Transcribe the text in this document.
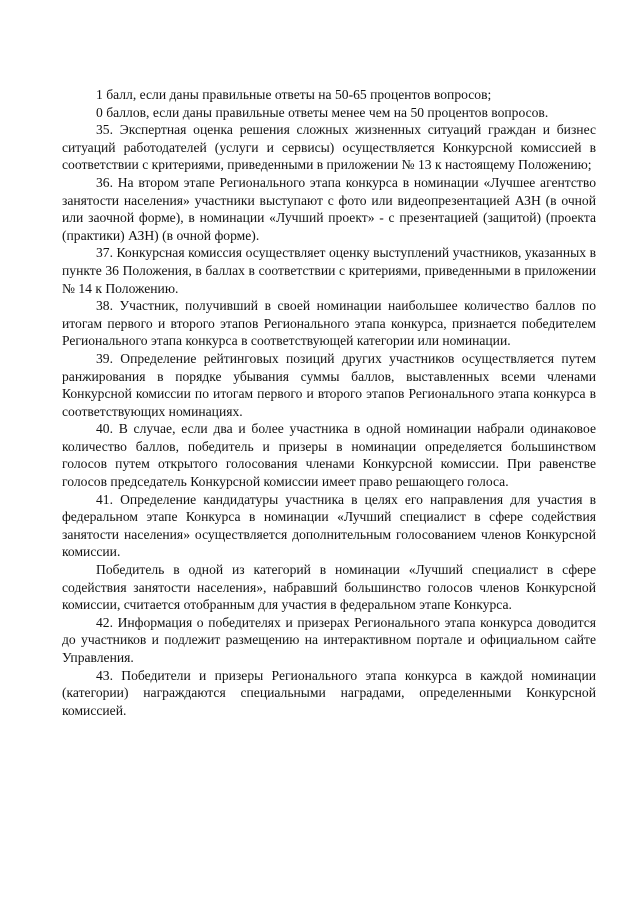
1 балл, если даны правильные ответы на 50-65 процентов вопросов;

0 баллов, если даны правильные ответы менее чем на 50 процентов вопросов.

35. Экспертная оценка решения сложных жизненных ситуаций граждан и бизнес ситуаций работодателей (услуги и сервисы) осуществляется Конкурсной комиссией в соответствии с критериями, приведенными в приложении № 13 к настоящему Положению;

36. На втором этапе Регионального этапа конкурса в номинации «Лучшее агентство занятости населения» участники выступают с фото или видеопрезентацией АЗН (в очной или заочной форме), в номинации «Лучший проект» - с презентацией (защитой) (проекта (практики) АЗН) (в очной форме).

37. Конкурсная комиссия осуществляет оценку выступлений участников, указанных в пункте 36 Положения, в баллах в соответствии с критериями, приведенными в приложении № 14 к Положению.

38. Участник, получивший в своей номинации наибольшее количество баллов по итогам первого и второго этапов Регионального этапа конкурса, признается победителем Регионального этапа конкурса в соответствующей категории или номинации.

39. Определение рейтинговых позиций других участников осуществляется путем ранжирования в порядке убывания суммы баллов, выставленных всеми членами Конкурсной комиссии по итогам первого и второго этапов Регионального этапа конкурса в соответствующих номинациях.

40. В случае, если два и более участника в одной номинации набрали одинаковое количество баллов, победитель и призеры в номинации определяется большинством голосов путем открытого голосования членами Конкурсной комиссии. При равенстве голосов председатель Конкурсной комиссии имеет право решающего голоса.

41. Определение кандидатуры участника в целях его направления для участия в федеральном этапе Конкурса в номинации «Лучший специалист в сфере содействия занятости населения» осуществляется дополнительным голосованием членов Конкурсной комиссии.

Победитель в одной из категорий в номинации «Лучший специалист в сфере содействия занятости населения», набравший большинство голосов членов Конкурсной комиссии, считается отобранным для участия в федеральном этапе Конкурса.

42. Информация о победителях и призерах Регионального этапа конкурса доводится до участников и подлежит размещению на интерактивном портале и официальном сайте Управления.

43. Победители и призеры Регионального этапа конкурса в каждой номинации (категории) награждаются специальными наградами, определенными Конкурсной комиссией.
